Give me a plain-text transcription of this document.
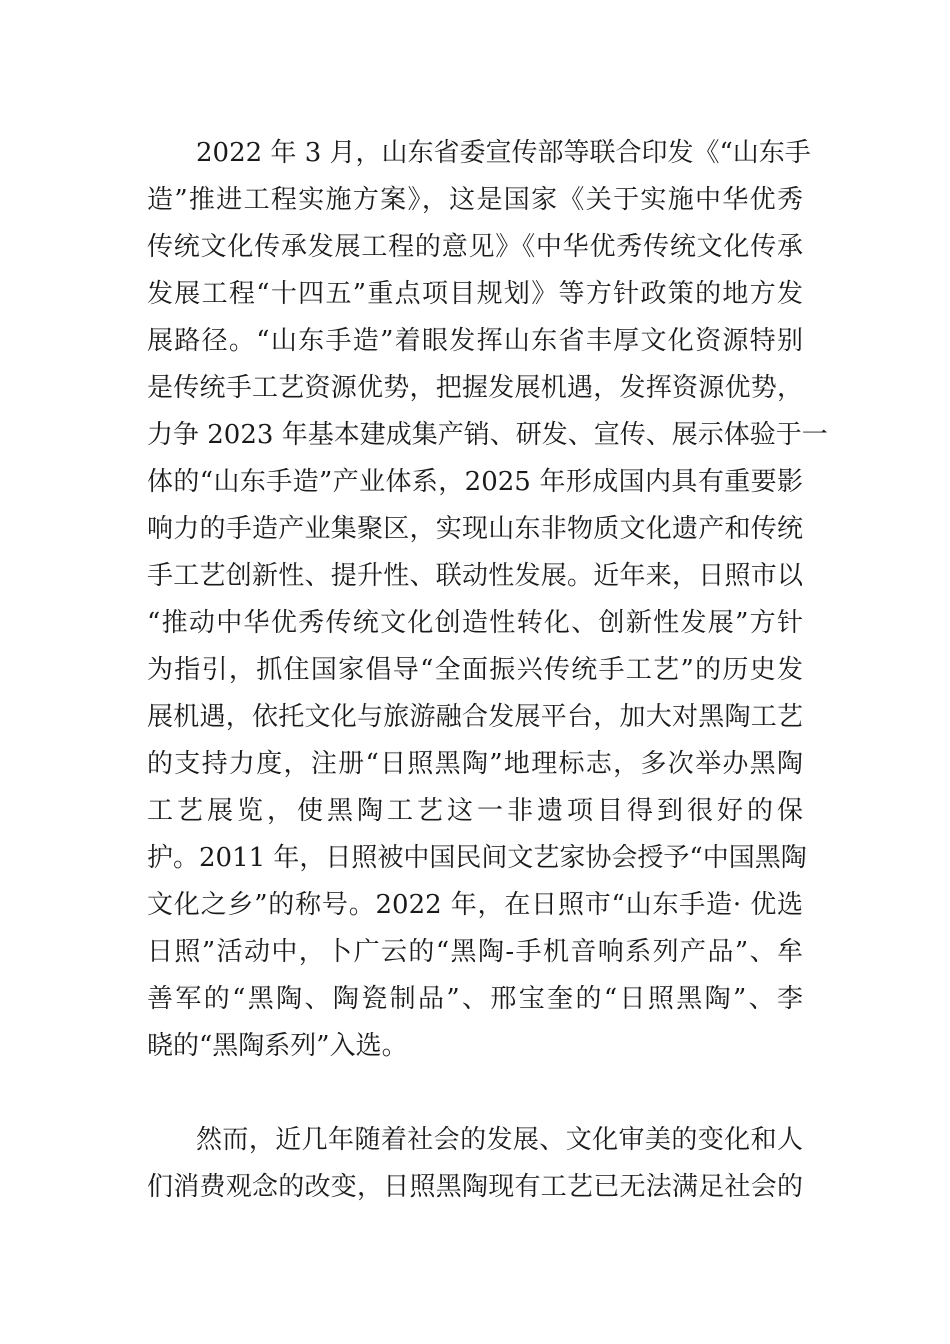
2022 年 3 月，山东省委宣传部等联合印发《“山东手
造”推进工程实施方案》，这是国家《关于实施中华优秀
传统文化传承发展工程的意见》《中华优秀传统文化传承
发展工程“十四五”重点项目规划》等方针政策的地方发
展路径。“山东手造”着眼发挥山东省丰厚文化资源特别
是传统手工艺资源优势，把握发展机遇，发挥资源优势，
力争 2023 年基本建成集产销、研发、宣传、展示体验于一
体的“山东手造”产业体系，2025 年形成国内具有重要影
响力的手造产业集聚区，实现山东非物质文化遗产和传统
手工艺创新性、提升性、联动性发展。近年来，日照市以
“推动中华优秀传统文化创造性转化、创新性发展”方针
为指引，抓住国家倡导“全面振兴传统手工艺”的历史发
展机遇，依托文化与旅游融合发展平台，加大对黑陶工艺
的支持力度，注册“日照黑陶”地理标志，多次举办黑陶
工艺展览，使黑陶工艺这一非遗项目得到很好的保
护。2011 年，日照被中国民间文艺家协会授予“中国黑陶
文化之乡”的称号。2022 年，在日照市“山东手造· 优选
日照”活动中，卜广云的“黑陶-手机音响系列产品”、牟
善军的“黑陶、陶瓷制品”、邢宝奎的“日照黑陶”、李
晓的“黑陶系列”入选。
然而，近几年随着社会的发展、文化审美的变化和人
们消费观念的改变，日照黑陶现有工艺已无法满足社会的
